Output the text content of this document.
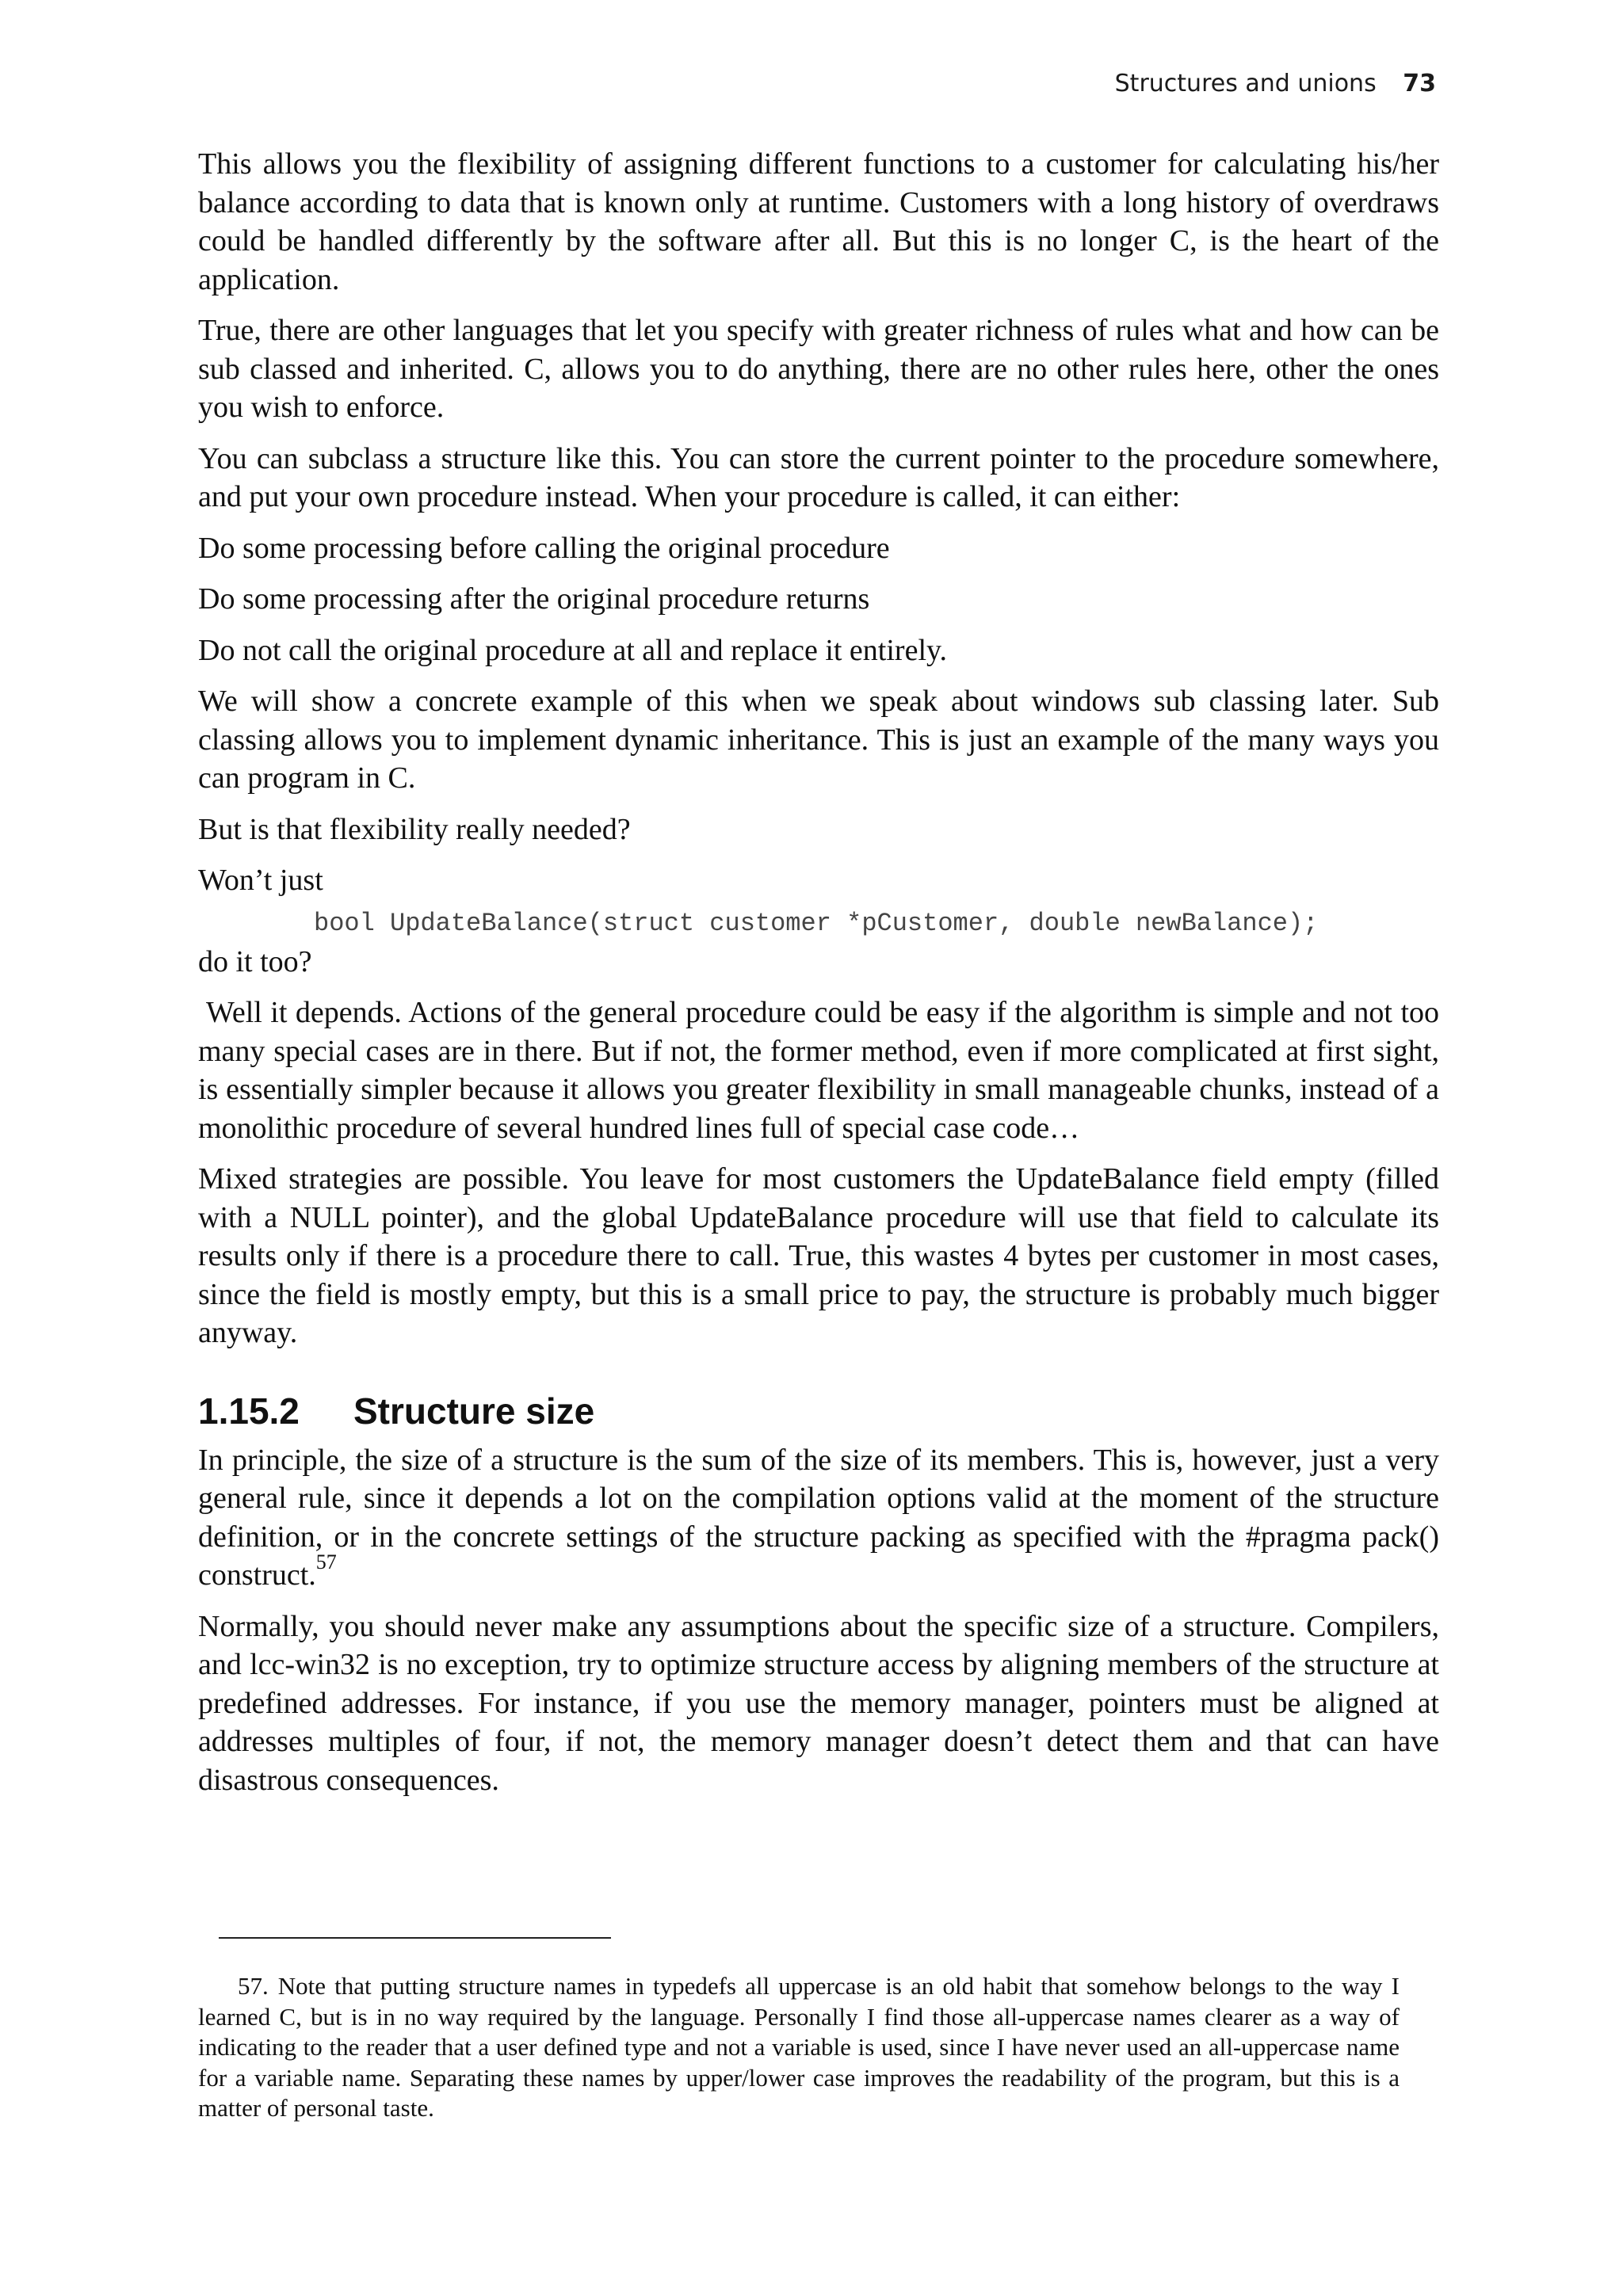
Structures and unions 73

This allows you the flexibility of assigning different functions to a customer for calculating his/her balance according to data that is known only at runtime. Customers with a long history of overdraws could be handled differently by the software after all. But this is no longer C, is the heart of the application.

True, there are other languages that let you specify with greater richness of rules what and how can be sub classed and inherited. C, allows you to do anything, there are no other rules here, other the ones you wish to enforce.

You can subclass a structure like this. You can store the current pointer to the procedure somewhere, and put your own procedure instead. When your procedure is called, it can either:

Do some processing before calling the original procedure

Do some processing after the original procedure returns

Do not call the original procedure at all and replace it entirely.

We will show a concrete example of this when we speak about windows sub classing later. Sub classing allows you to implement dynamic inheritance. This is just an example of the many ways you can program in C.

But is that flexibility really needed?

Won’t just

bool UpdateBalance(struct customer *pCustomer, double newBalance);

do it too?

Well it depends. Actions of the general procedure could be easy if the algorithm is simple and not too many special cases are in there. But if not, the former method, even if more complicated at first sight, is essentially simpler because it allows you greater flexibility in small manageable chunks, instead of a monolithic procedure of several hundred lines full of special case code…

Mixed strategies are possible. You leave for most customers the UpdateBalance field empty (filled with a NULL pointer), and the global UpdateBalance procedure will use that field to calculate its results only if there is a procedure there to call. True, this wastes 4 bytes per customer in most cases, since the field is mostly empty, but this is a small price to pay, the structure is probably much bigger anyway.

1.15.2 Structure size

In principle, the size of a structure is the sum of the size of its members. This is, however, just a very general rule, since it depends a lot on the compilation options valid at the moment of the structure definition, or in the concrete settings of the structure packing as specified with the #pragma pack() construct.$^{57}$

Normally, you should never make any assumptions about the specific size of a structure. Compilers, and lcc-win32 is no exception, try to optimize structure access by aligning members of the structure at predefined addresses. For instance, if you use the memory manager, pointers must be aligned at addresses multiples of four, if not, the memory manager doesn’t detect them and that can have disastrous consequences.

57. Note that putting structure names in typedefs all uppercase is an old habit that somehow belongs to the way I learned C, but is in no way required by the language. Personally I find those all-uppercase names clearer as a way of indicating to the reader that a user defined type and not a variable is used, since I have never used an all-uppercase name for a variable name. Separating these names by upper/lower case improves the readability of the program, but this is a matter of personal taste.
